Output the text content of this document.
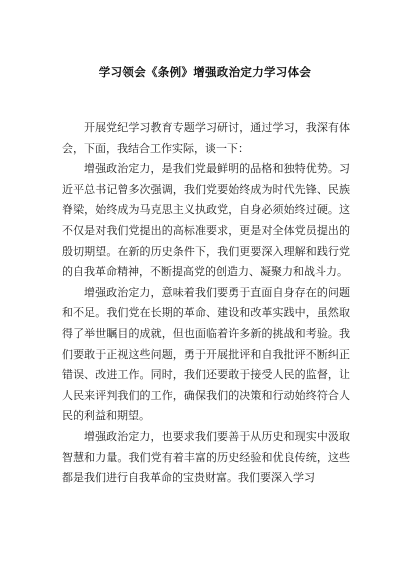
学习领会《条例》增强政治定力学习体会

开展党纪学习教育专题学习研讨，通过学习，我深有体会，下面，我结合工作实际，谈一下：

增强政治定力，是我们党最鲜明的品格和独特优势。习近平总书记曾多次强调，我们党要始终成为时代先锋、民族脊梁，始终成为马克思主义执政党，自身必须始终过硬。这不仅是对我们党提出的高标准要求，更是对全体党员提出的殷切期望。在新的历史条件下，我们更要深入理解和践行党的自我革命精神，不断提高党的创造力、凝聚力和战斗力。

增强政治定力，意味着我们要勇于直面自身存在的问题和不足。我们党在长期的革命、建设和改革实践中，虽然取得了举世瞩目的成就，但也面临着许多新的挑战和考验。我们要敢于正视这些问题，勇于开展批评和自我批评不断纠正错误、改进工作。同时，我们还要敢于接受人民的监督，让人民来评判我们的工作，确保我们的决策和行动始终符合人民的利益和期望。

增强政治定力，也要求我们要善于从历史和现实中汲取智慧和力量。我们党有着丰富的历史经验和优良传统，这些都是我们进行自我革命的宝贵财富。我们要深入学习
